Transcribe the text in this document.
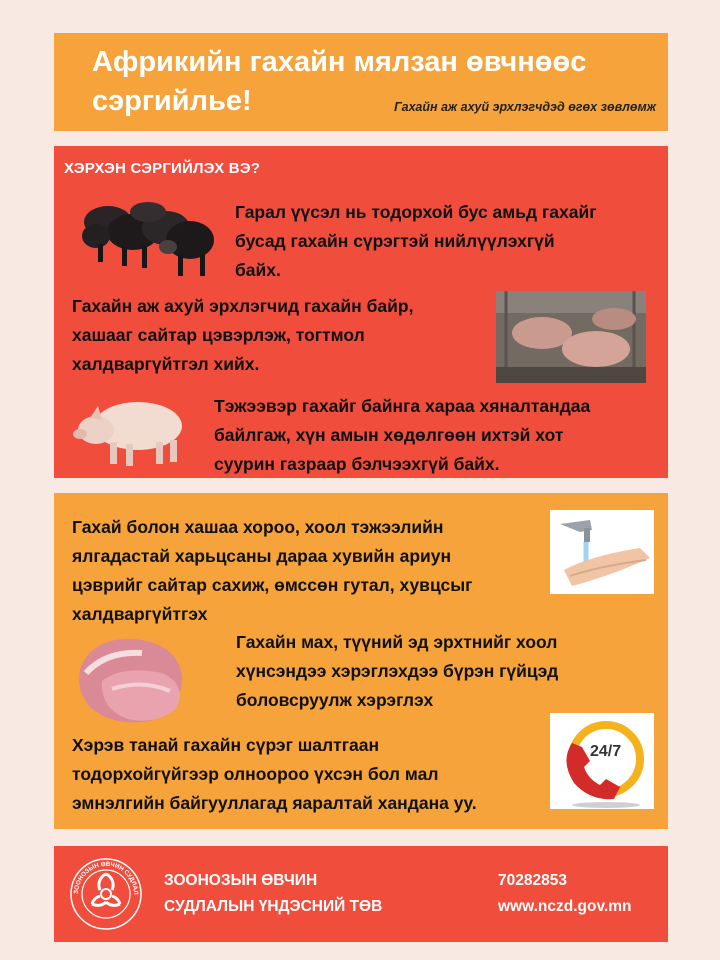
Африкийн гахайн мялзан өвчнөөс
сэргийлье!	Гахайн аж ахуй эрхлэгчдэд өгөх зөвлөмж
ХЭРХЭН СЭРГИЙЛЭХ ВЭ?

Гарал үүсэл нь тодорхой бус амьд гахайг
бусад гахайн сүрэгтэй нийлүүлэхгүй
байх.

Гахайн аж ахуй эрхлэгчид гахайн байр,
хашааг сайтар цэвэрлэж, тогтмол
халдваргүйтгэл хийх.

Тэжээвэр гахайг байнга хараа хяналтандаа
байлгаж, хүн амын хөдөлгөөн ихтэй хот
суурин газраар бэлчээхгүй байх.

Гахай болон хашаа хороо, хоол тэжээлийн
ялгадастай харьцсаны дараа хувийн ариун
цэврийг сайтар сахиж, өмссөн гутал, хувцсыг
халдваргүйтгэх

Гахайн мах, түүний эд эрхтнийг хоол
хүнсэндээ хэрэглэхдээ бүрэн гүйцэд
боловсруулж хэрэглэх

Хэрэв танай гахайн сүрэг шалтгаан
тодорхойгүйгээр олноороо үхсэн бол мал
эмнэлгийн байгууллагад яаралтай хандана уу.

24/7
ЗООНОЗЫН ӨВЧИН СУДЛАЛ

ЗООНОЗЫН ӨВЧИН
СУДЛАЛЫН ҮНДЭСНИЙ ТӨВ

70282853
www.nczd.gov.mn
